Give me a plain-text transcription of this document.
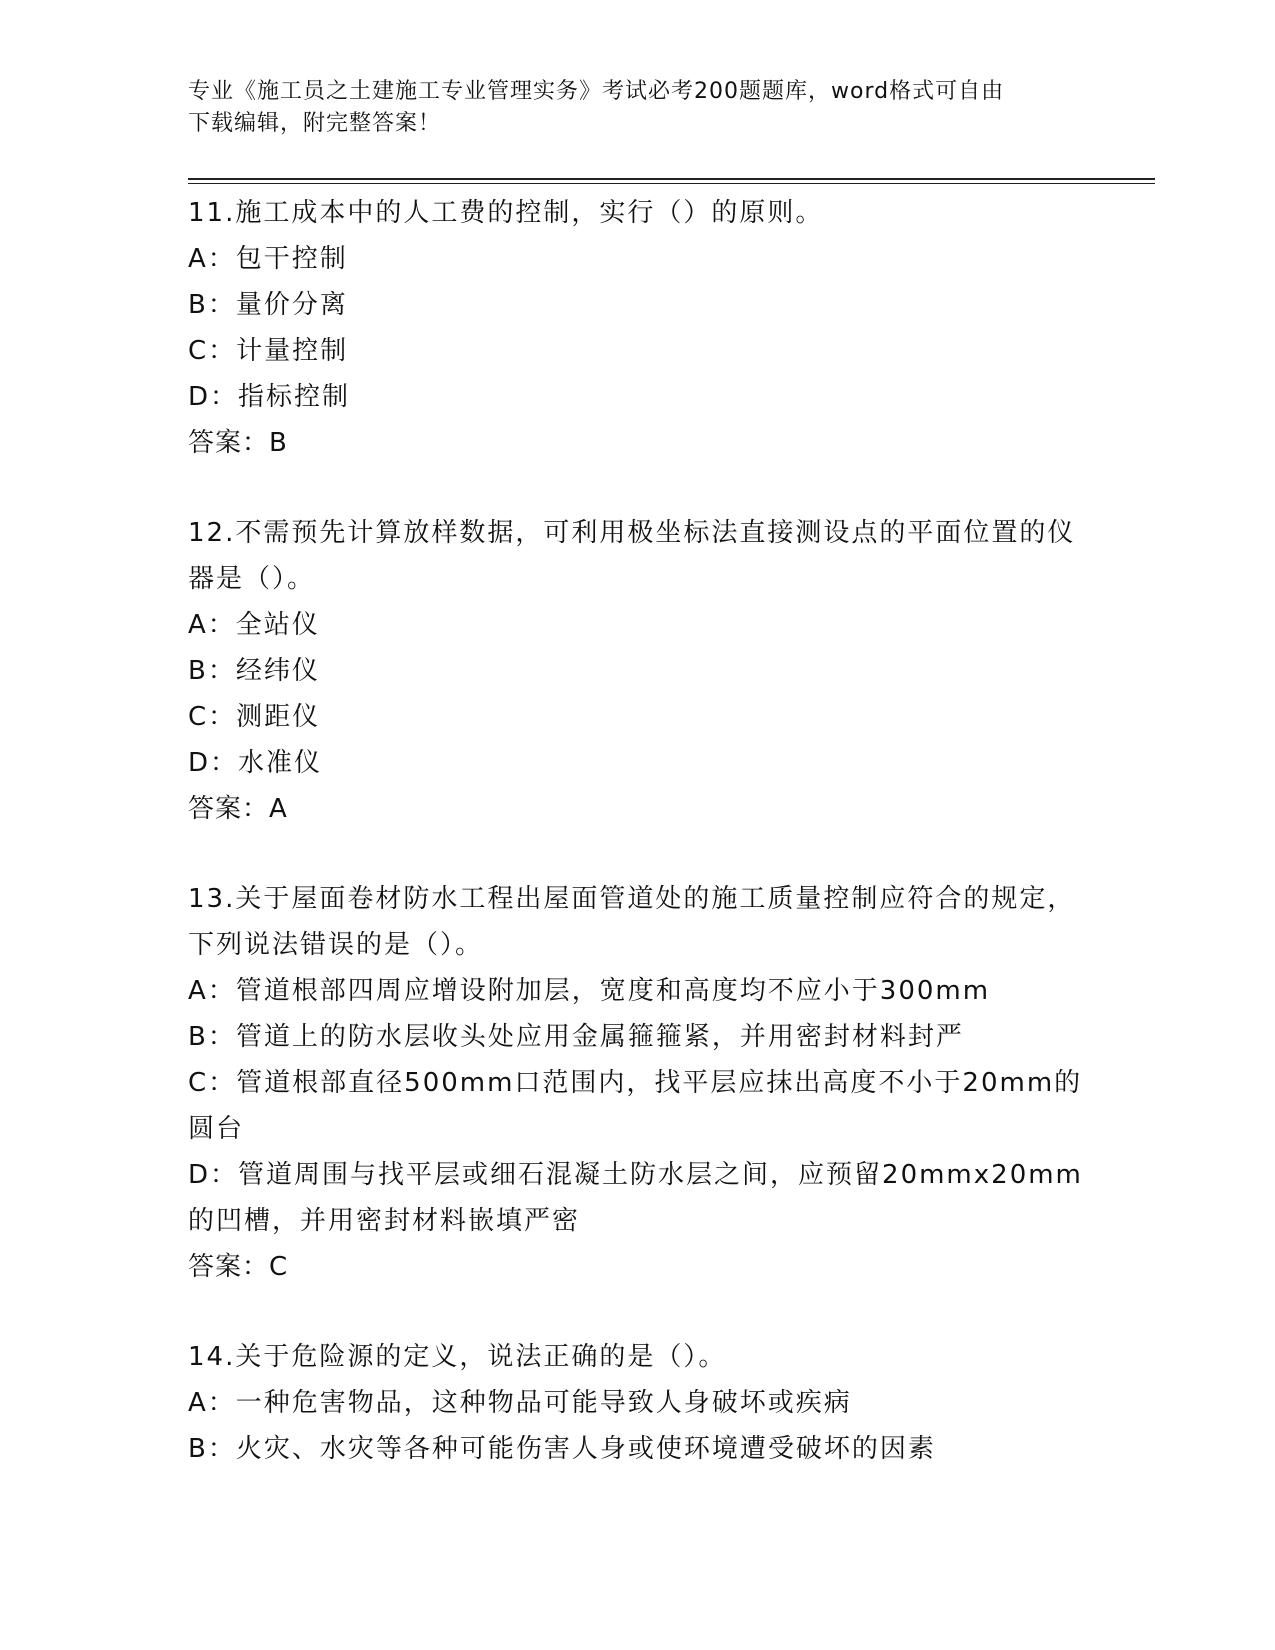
专业《施工员之土建施工专业管理实务》考试必考200题题库，word格式可自由
下载编辑，附完整答案！

11.施工成本中的人工费的控制，实行（）的原则。

A：包干控制

B：量价分离

C：计量控制

D：指标控制

答案：B

12.不需预先计算放样数据，可利用极坐标法直接测设点的平面位置的仪器是（）。

A：全站仪

B：经纬仪

C：测距仪

D：水准仪

答案：A

13.关于屋面卷材防水工程出屋面管道处的施工质量控制应符合的规定，下列说法错误的是（）。

A：管道根部四周应增设附加层，宽度和高度均不应小于300mm

B：管道上的防水层收头处应用金属箍箍紧，并用密封材料封严

C：管道根部直径500mm口范围内，找平层应抹出高度不小于20mm的圆台

D：管道周围与找平层或细石混凝土防水层之间，应预留20mmx20mm的凹槽，并用密封材料嵌填严密

答案：C

14.关于危险源的定义，说法正确的是（）。

A：一种危害物品，这种物品可能导致人身破坏或疾病

B：火灾、水灾等各种可能伤害人身或使环境遭受破坏的因素
